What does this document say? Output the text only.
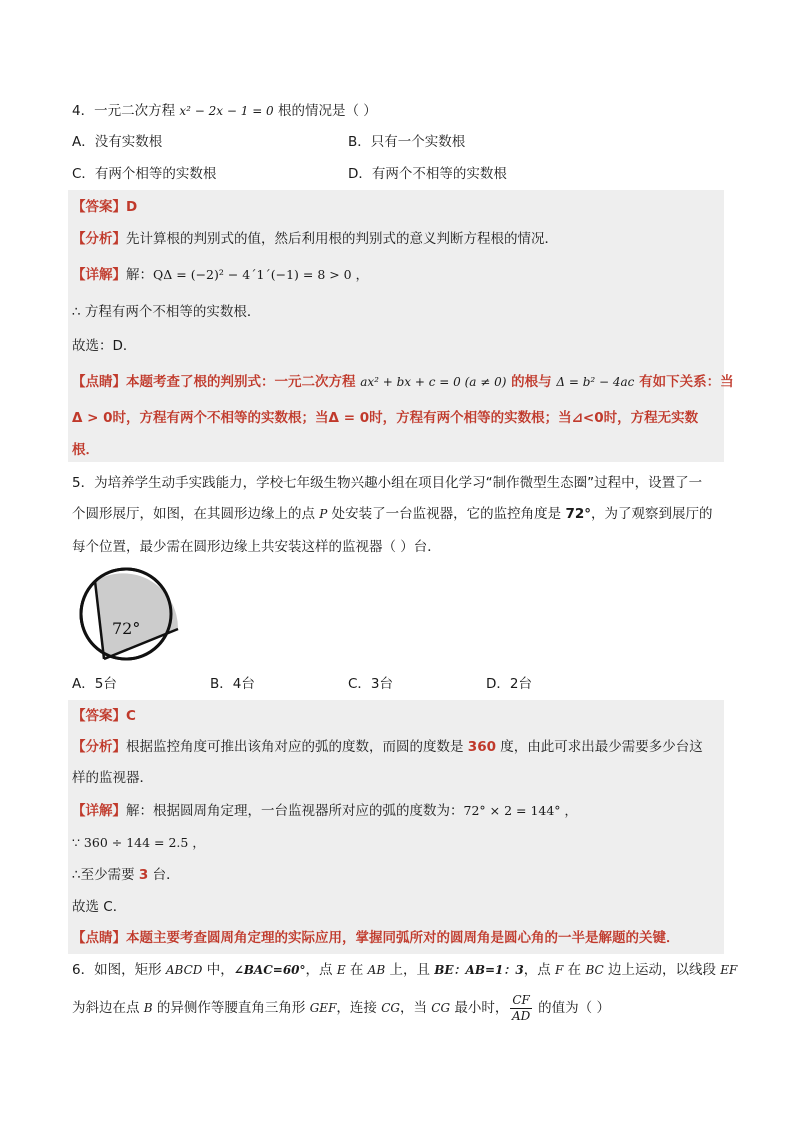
4．一元二次方程 x² − 2x − 1 = 0 根的情况是（ ）
A．没有实数根	B．只有一个实数根
C．有两个相等的实数根	D．有两个不相等的实数根
【答案】D
【分析】先计算根的判别式的值，然后利用根的判别式的意义判断方程根的情况．
【详解】解：QΔ = (−2)² − 4´1´(−1) = 8 > 0 ，
∴ 方程有两个不相等的实数根．
故选：D．
【点睛】本题考查了根的判别式：一元二次方程 ax² + bx + c = 0 (a ≠ 0) 的根与 Δ = b² − 4ac 有如下关系：当
Δ > 0时，方程有两个不相等的实数根；当Δ = 0时，方程有两个相等的实数根；当⊿<0时，方程无实数
根．
5．为培养学生动手实践能力，学校七年级生物兴趣小组在项目化学习“制作微型生态圈”过程中，设置了一
个圆形展厅，如图，在其圆形边缘上的点 P 处安装了一台监视器，它的监控角度是 72°，为了观察到展厅的
每个位置，最少需在圆形边缘上共安装这样的监视器（ ）台．
72°
A．5台	B．4台	C．3台	D．2台
【答案】C
【分析】根据监控角度可推出该角对应的弧的度数，而圆的度数是 360 度，由此可求出最少需要多少台这
样的监视器．
【详解】解：根据圆周角定理，一台监视器所对应的弧的度数为：72° × 2 = 144° ，
∵ 360 ÷ 144 = 2.5 ，
∴至少需要 3 台．
故选 C．
【点睛】本题主要考查圆周角定理的实际应用，掌握同弧所对的圆周角是圆心角的一半是解题的关键．
6．如图，矩形 ABCD 中，∠BAC=60°，点 E 在 AB 上，且 BE：AB=1：3，点 F 在 BC 边上运动，以线段 EF
为斜边在点 B 的异侧作等腰直角三角形 GEF，连接 CG，当 CG 最小时， $\frac{CF}{AD}$ 的值为（ ）
